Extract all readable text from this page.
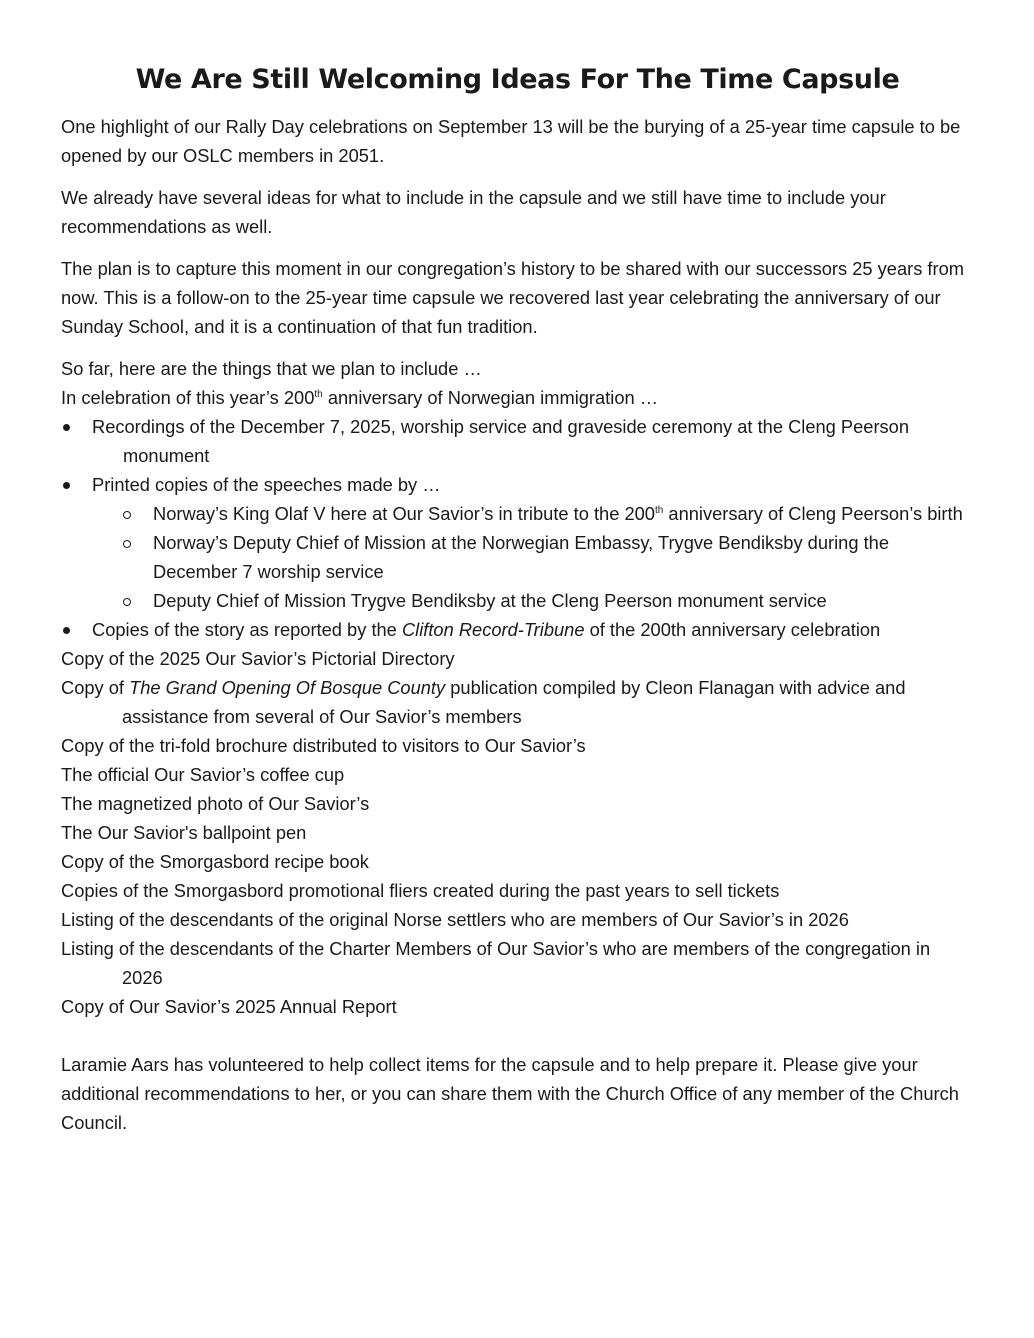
We Are Still Welcoming Ideas For The Time Capsule

One highlight of our Rally Day celebrations on September 13 will be the burying of a 25-year time capsule to be opened by our OSLC members in 2051.

We already have several ideas for what to include in the capsule and we still have time to include your recommendations as well.

The plan is to capture this moment in our congregation’s history to be shared with our successors 25 years from now. This is a follow-on to the 25-year time capsule we recovered last year celebrating the anniversary of our Sunday School, and it is a continuation of that fun tradition.

So far, here are the things that we plan to include …

In celebration of this year’s 200th anniversary of Norwegian immigration …

Recordings of the December 7, 2025, worship service and graveside ceremony at the Cleng Peerson monument
Printed copies of the speeches made by …
Norway’s King Olaf V here at Our Savior’s in tribute to the 200th anniversary of Cleng Peerson’s birth
Norway’s Deputy Chief of Mission at the Norwegian Embassy, Trygve Bendiksby during the December 7 worship service
Deputy Chief of Mission Trygve Bendiksby at the Cleng Peerson monument service
Copies of the story as reported by the Clifton Record-Tribune of the 200th anniversary celebration

Copy of the 2025 Our Savior’s Pictorial Directory

Copy of The Grand Opening Of Bosque County publication compiled by Cleon Flanagan with advice and assistance from several of Our Savior’s members

Copy of the tri-fold brochure distributed to visitors to Our Savior’s

The official Our Savior’s coffee cup

The magnetized photo of Our Savior’s

The Our Savior's ballpoint pen

Copy of the Smorgasbord recipe book

Copies of the Smorgasbord promotional fliers created during the past years to sell tickets

Listing of the descendants of the original Norse settlers who are members of Our Savior’s in 2026

Listing of the descendants of the Charter Members of Our Savior’s who are members of the congregation in 2026

Copy of Our Savior’s 2025 Annual Report

Laramie Aars has volunteered to help collect items for the capsule and to help prepare it. Please give your additional recommendations to her, or you can share them with the Church Office of any member of the Church Council.
